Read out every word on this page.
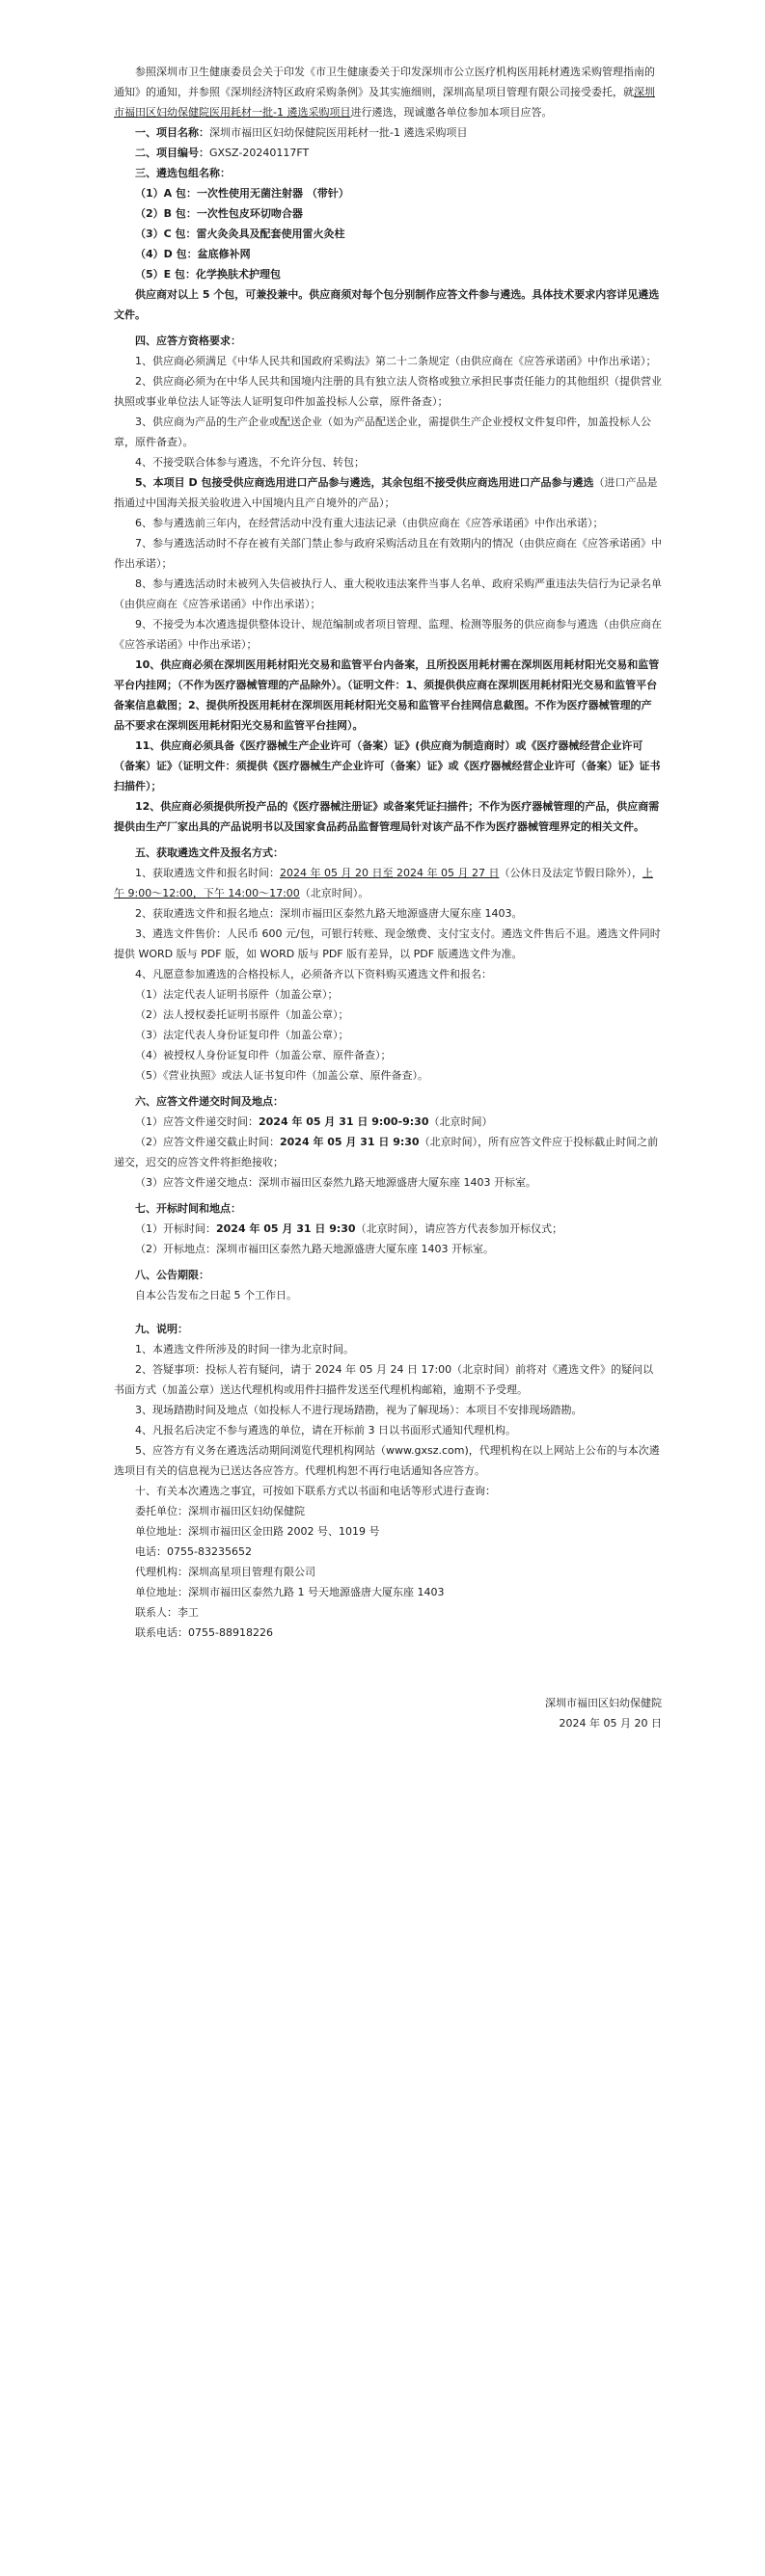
参照深圳市卫生健康委员会关于印发《市卫生健康委关于印发深圳市公立医疗机构医用耗材遴选采购管理指南的通知》的通知，并参照《深圳经济特区政府采购条例》及其实施细则，深圳高星项目管理有限公司接受委托，就深圳市福田区妇幼保健院医用耗材一批-1 遴选采购项目进行遴选，现诚邀各单位参加本项目应答。

一、项目名称：深圳市福田区妇幼保健院医用耗材一批-1 遴选采购项目

二、项目编号：GXSZ-20240117FT

三、遴选包组名称：

（1）A 包：一次性使用无菌注射器 （带针）

（2）B 包：一次性包皮环切吻合器

（3）C 包：雷火灸灸具及配套使用雷火灸柱

（4）D 包：盆底修补网

（5）E 包：化学换肤术护理包

供应商对以上 5 个包，可兼投兼中。供应商须对每个包分别制作应答文件参与遴选。具体技术要求内容详见遴选文件。

四、应答方资格要求：

1、供应商必须满足《中华人民共和国政府采购法》第二十二条规定（由供应商在《应答承诺函》中作出承诺）；

2、供应商必须为在中华人民共和国境内注册的具有独立法人资格或独立承担民事责任能力的其他组织（提供营业执照或事业单位法人证等法人证明复印件加盖投标人公章，原件备查）；

3、供应商为产品的生产企业或配送企业（如为产品配送企业，需提供生产企业授权文件复印件，加盖投标人公章，原件备查）。

4、不接受联合体参与遴选，不允许分包、转包；

5、本项目 D 包接受供应商选用进口产品参与遴选，其余包组不接受供应商选用进口产品参与遴选（进口产品是指通过中国海关报关验收进入中国境内且产自境外的产品）；

6、参与遴选前三年内，在经营活动中没有重大违法记录（由供应商在《应答承诺函》中作出承诺）；

7、参与遴选活动时不存在被有关部门禁止参与政府采购活动且在有效期内的情况（由供应商在《应答承诺函》中作出承诺）；

8、参与遴选活动时未被列入失信被执行人、重大税收违法案件当事人名单、政府采购严重违法失信行为记录名单（由供应商在《应答承诺函》中作出承诺）；

9、不接受为本次遴选提供整体设计、规范编制或者项目管理、监理、检测等服务的供应商参与遴选（由供应商在《应答承诺函》中作出承诺）；

10、供应商必须在深圳医用耗材阳光交易和监管平台内备案，且所投医用耗材需在深圳医用耗材阳光交易和监管平台内挂网；（不作为医疗器械管理的产品除外）。（证明文件：1、须提供供应商在深圳医用耗材阳光交易和监管平台备案信息截图；2、提供所投医用耗材在深圳医用耗材阳光交易和监管平台挂网信息截图。不作为医疗器械管理的产品不要求在深圳医用耗材阳光交易和监管平台挂网）。

11、供应商必须具备《医疗器械生产企业许可（备案）证》(供应商为制造商时）或《医疗器械经营企业许可（备案）证》（证明文件：须提供《医疗器械生产企业许可（备案）证》或《医疗器械经营企业许可（备案）证》证书扫描件）；

12、供应商必须提供所投产品的《医疗器械注册证》或备案凭证扫描件；不作为医疗器械管理的产品，供应商需提供由生产厂家出具的产品说明书以及国家食品药品监督管理局针对该产品不作为医疗器械管理界定的相关文件。

五、获取遴选文件及报名方式：

1、获取遴选文件和报名时间：2024 年 05 月 20 日至 2024 年 05 月 27 日（公休日及法定节假日除外），上午 9:00～12:00，下午 14:00～17:00（北京时间）。

2、获取遴选文件和报名地点：深圳市福田区泰然九路天地源盛唐大厦东座 1403。

3、遴选文件售价：人民币 600 元/包，可银行转账、现金缴费、支付宝支付。遴选文件售后不退。遴选文件同时提供 WORD 版与 PDF 版，如 WORD 版与 PDF 版有差异，以 PDF 版遴选文件为准。

4、凡愿意参加遴选的合格投标人，必须备齐以下资料购买遴选文件和报名：

（1）法定代表人证明书原件（加盖公章）；

（2）法人授权委托证明书原件（加盖公章）；

（3）法定代表人身份证复印件（加盖公章）；

（4）被授权人身份证复印件（加盖公章、原件备查）；

（5）《营业执照》或法人证书复印件（加盖公章、原件备查）。

六、应答文件递交时间及地点：

（1）应答文件递交时间：2024 年 05 月 31 日 9:00-9:30（北京时间）

（2）应答文件递交截止时间：2024 年 05 月 31 日 9:30（北京时间），所有应答文件应于投标截止时间之前递交，迟交的应答文件将拒绝接收；

（3）应答文件递交地点：深圳市福田区泰然九路天地源盛唐大厦东座 1403 开标室。

七、开标时间和地点：

（1）开标时间：2024 年 05 月 31 日 9:30（北京时间），请应答方代表参加开标仪式；

（2）开标地点：深圳市福田区泰然九路天地源盛唐大厦东座 1403 开标室。

八、公告期限：

自本公告发布之日起 5 个工作日。

九、说明：

1、本遴选文件所涉及的时间一律为北京时间。

2、答疑事项：投标人若有疑问，请于 2024 年 05 月 24 日 17:00（北京时间）前将对《遴选文件》的疑问以书面方式（加盖公章）送达代理机构或用件扫描件发送至代理机构邮箱，逾期不予受理。

3、现场踏勘时间及地点（如投标人不进行现场踏勘，视为了解现场）：本项目不安排现场踏勘。

4、凡报名后决定不参与遴选的单位，请在开标前 3 日以书面形式通知代理机构。

5、应答方有义务在遴选活动期间浏览代理机构网站（www.gxsz.com)，代理机构在以上网站上公布的与本次遴选项目有关的信息视为已送达各应答方。代理机构恕不再行电话通知各应答方。

十、有关本次遴选之事宜，可按如下联系方式以书面和电话等形式进行查询：

委托单位：深圳市福田区妇幼保健院

单位地址：深圳市福田区金田路 2002 号、1019 号

电话：0755-83235652

代理机构：深圳高星项目管理有限公司

单位地址：深圳市福田区泰然九路 1 号天地源盛唐大厦东座 1403

联系人：李工

联系电话：0755-88918226

深圳市福田区妇幼保健院

2024 年 05 月 20 日
